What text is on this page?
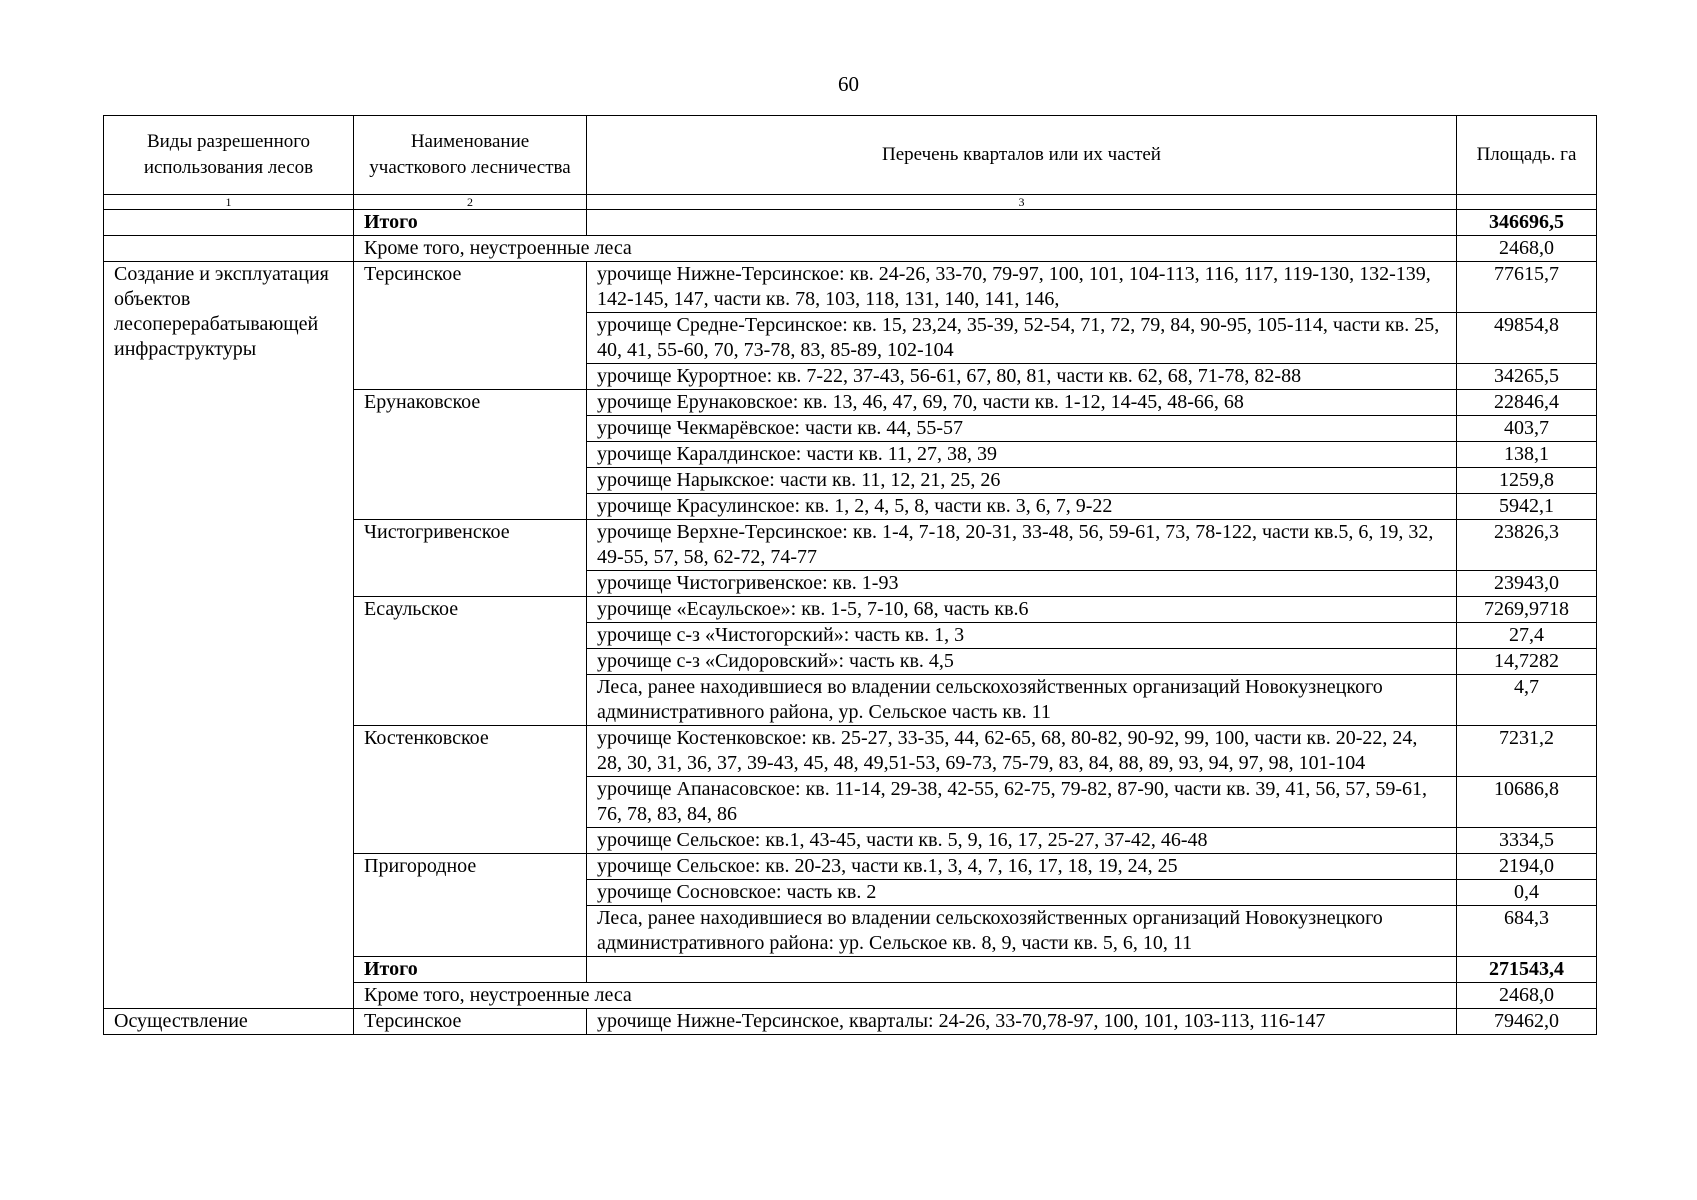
60
Виды разрешенного использования лесов	Наименование участкового лесничества	Перечень кварталов или их частей	Площадь. га
1	2	3	
	Итого		346696,5
	Кроме того, неустроенные леса		2468,0
Создание и эксплуатация объектов лесоперерабатывающей инфраструктуры	Терсинское	урочище Нижне-Терсинское: кв. 24-26, 33-70, 79-97, 100, 101, 104-113, 116, 117, 119-130, 132-139, 142-145, 147, части кв. 78, 103, 118, 131, 140, 141, 146,	77615,7
		урочище Средне-Терсинское: кв. 15, 23,24, 35-39, 52-54, 71, 72, 79, 84, 90-95, 105-114, части кв. 25, 40, 41, 55-60, 70, 73-78, 83, 85-89, 102-104	49854,8
		урочище Курортное: кв. 7-22, 37-43, 56-61, 67, 80, 81, части кв. 62, 68, 71-78, 82-88	34265,5
	Ерунаковское	урочище Ерунаковское: кв. 13, 46, 47, 69, 70, части кв. 1-12, 14-45, 48-66, 68	22846,4
		урочище Чекмарёвское: части кв. 44, 55-57	403,7
		урочище Каралдинское: части кв. 11, 27, 38, 39	138,1
		урочище Нарыкское: части кв. 11, 12, 21, 25, 26	1259,8
		урочище Красулинское: кв. 1, 2, 4, 5, 8, части кв. 3, 6, 7, 9-22	5942,1
	Чистогривенское	урочище Верхне-Терсинское: кв. 1-4, 7-18, 20-31, 33-48, 56, 59-61, 73, 78-122, части кв.5, 6, 19, 32, 49-55, 57, 58, 62-72, 74-77	23826,3
		урочище Чистогривенское: кв. 1-93	23943,0
	Есаульское	урочище «Есаульское»: кв. 1-5, 7-10, 68, часть кв.6	7269,9718
		урочище с-з «Чистогорский»: часть кв. 1, 3	27,4
		урочище с-з «Сидоровский»: часть кв. 4,5	14,7282
		Леса, ранее находившиеся во владении сельскохозяйственных организаций Новокузнецкого административного района, ур. Сельское часть кв. 11	4,7
	Костенковское	урочище Костенковское: кв. 25-27, 33-35, 44, 62-65, 68, 80-82, 90-92, 99, 100, части кв. 20-22, 24, 28, 30, 31, 36, 37, 39-43, 45, 48, 49,51-53, 69-73, 75-79, 83, 84, 88, 89, 93, 94, 97, 98, 101-104	7231,2
		урочище Апанасовское: кв. 11-14, 29-38, 42-55, 62-75, 79-82, 87-90, части кв. 39, 41, 56, 57, 59-61, 76, 78, 83, 84, 86	10686,8
		урочище Сельское: кв.1, 43-45, части кв. 5, 9, 16, 17, 25-27, 37-42, 46-48	3334,5
	Пригородное	урочище Сельское: кв. 20-23, части кв.1, 3, 4, 7, 16, 17, 18, 19, 24, 25	2194,0
		урочище Сосновское: часть кв. 2	0,4
		Леса, ранее находившиеся во владении сельскохозяйственных организаций Новокузнецкого административного района: ур. Сельское кв. 8, 9, части кв. 5, 6, 10, 11	684,3
	Итого		271543,4
	Кроме того, неустроенные леса		2468,0
Осуществление	Терсинское	урочище Нижне-Терсинское, кварталы: 24-26, 33-70,78-97, 100, 101, 103-113, 116-147	79462,0
